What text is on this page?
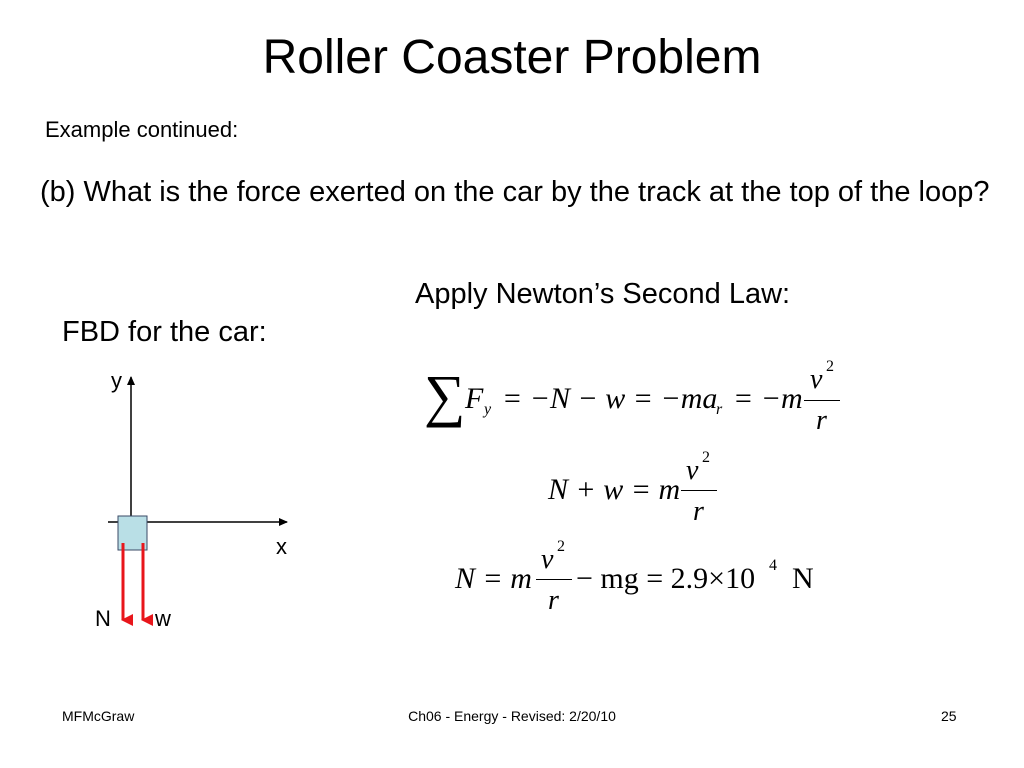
Roller Coaster Problem
Example continued:
(b) What is the force exerted on the car by the track at the top of the loop?
Apply Newton’s Second Law:
FBD for the car:
y
x
N w
∑ F y = −N − w = −ma
r = −m
v 2
r
N + w = m
v 2
r
N = m
v 2
r
− mg = 2.9×10 4 N
MFMcGraw	Ch06 - Energy - Revised: 2/20/10	25
